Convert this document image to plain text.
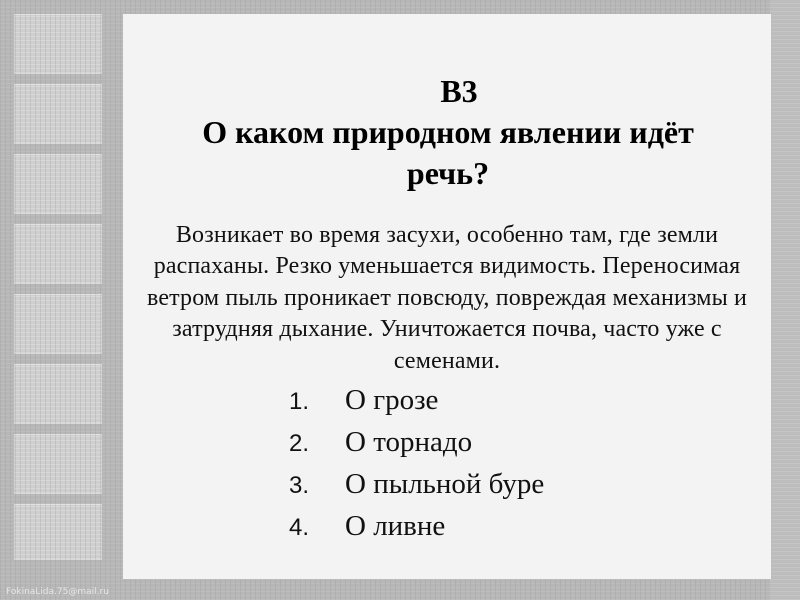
В3
О каком природном явлении идёт
речь?

Возникает во время засухи, особенно там, где земли распаханы. Резко уменьшается видимость. Переносимая ветром пыль проникает повсюду, повреждая механизмы и затрудняя дыхание. Уничтожается почва, часто уже с семенами.

1.	О грозе
2.	О торнадо
3.	О пыльной буре
4.	О ливне
FokinaLida.75@mail.ru
